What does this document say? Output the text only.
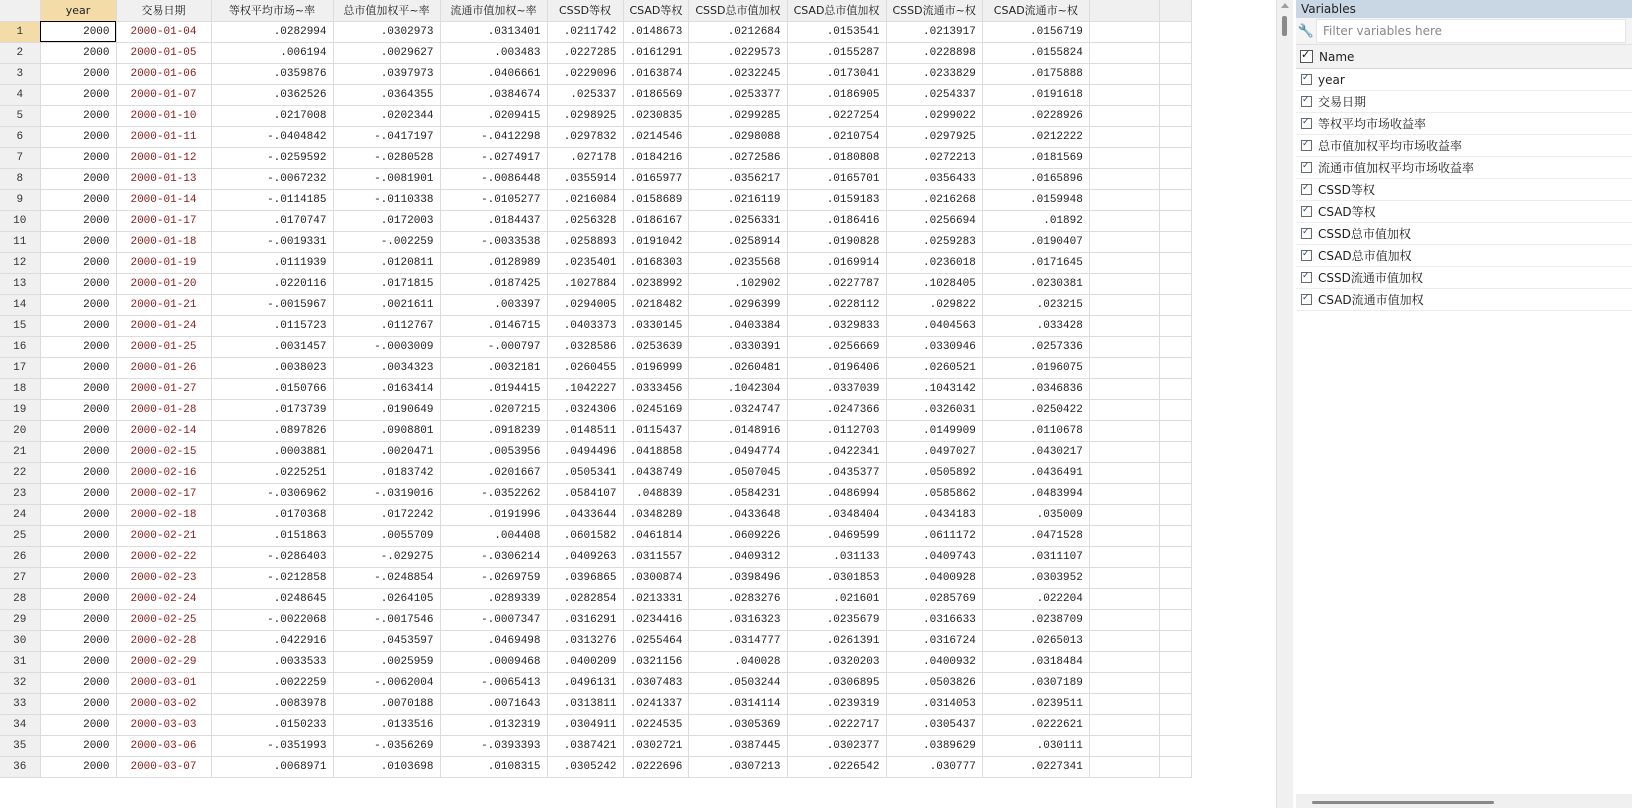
	year	交易日期	等权平均市场~率	总市值加权平~率	流通市值加权~率	CSSD等权	CSAD等权	CSSD总市值加权	CSAD总市值加权	CSSD流通市~权	CSAD流通市~权		
1	2000	2000-01-04	.0282994	.0302973	.0313401	.0211742	.0148673	.0212684	.0153541	.0213917	.0156719		
2	2000	2000-01-05	.006194	.0029627	.003483	.0227285	.0161291	.0229573	.0155287	.0228898	.0155824		
3	2000	2000-01-06	.0359876	.0397973	.0406661	.0229096	.0163874	.0232245	.0173041	.0233829	.0175888		
4	2000	2000-01-07	.0362526	.0364355	.0384674	.025337	.0186569	.0253377	.0186905	.0254337	.0191618		
5	2000	2000-01-10	.0217008	.0202344	.0209415	.0298925	.0230835	.0299285	.0227254	.0299022	.0228926		
6	2000	2000-01-11	-.0404842	-.0417197	-.0412298	.0297832	.0214546	.0298088	.0210754	.0297925	.0212222		
7	2000	2000-01-12	-.0259592	-.0280528	-.0274917	.027178	.0184216	.0272586	.0180808	.0272213	.0181569		
8	2000	2000-01-13	-.0067232	-.0081901	-.0086448	.0355914	.0165977	.0356217	.0165701	.0356433	.0165896		
9	2000	2000-01-14	-.0114185	-.0110338	-.0105277	.0216084	.0158689	.0216119	.0159183	.0216268	.0159948		
10	2000	2000-01-17	.0170747	.0172003	.0184437	.0256328	.0186167	.0256331	.0186416	.0256694	.01892		
11	2000	2000-01-18	-.0019331	-.002259	-.0033538	.0258893	.0191042	.0258914	.0190828	.0259283	.0190407		
12	2000	2000-01-19	.0111939	.0120811	.0128989	.0235401	.0168303	.0235568	.0169914	.0236018	.0171645		
13	2000	2000-01-20	.0220116	.0171815	.0187425	.1027884	.0238992	.102902	.0227787	.1028405	.0230381		
14	2000	2000-01-21	-.0015967	.0021611	.003397	.0294005	.0218482	.0296399	.0228112	.029822	.023215		
15	2000	2000-01-24	.0115723	.0112767	.0146715	.0403373	.0330145	.0403384	.0329833	.0404563	.033428		
16	2000	2000-01-25	.0031457	-.0003009	-.000797	.0328586	.0253639	.0330391	.0256669	.0330946	.0257336		
17	2000	2000-01-26	.0038023	.0034323	.0032181	.0260455	.0196999	.0260481	.0196406	.0260521	.0196075		
18	2000	2000-01-27	.0150766	.0163414	.0194415	.1042227	.0333456	.1042304	.0337039	.1043142	.0346836		
19	2000	2000-01-28	.0173739	.0190649	.0207215	.0324306	.0245169	.0324747	.0247366	.0326031	.0250422		
20	2000	2000-02-14	.0897826	.0908801	.0918239	.0148511	.0115437	.0148916	.0112703	.0149909	.0110678		
21	2000	2000-02-15	.0003881	.0020471	.0053956	.0494496	.0418858	.0494774	.0422341	.0497027	.0430217		
22	2000	2000-02-16	.0225251	.0183742	.0201667	.0505341	.0438749	.0507045	.0435377	.0505892	.0436491		
23	2000	2000-02-17	-.0306962	-.0319016	-.0352262	.0584107	.048839	.0584231	.0486994	.0585862	.0483994		
24	2000	2000-02-18	.0170368	.0172242	.0191996	.0433644	.0348289	.0433648	.0348404	.0434183	.035009		
25	2000	2000-02-21	.0151863	.0055709	.004408	.0601582	.0461814	.0609226	.0469599	.0611172	.0471528		
26	2000	2000-02-22	-.0286403	-.029275	-.0306214	.0409263	.0311557	.0409312	.031133	.0409743	.0311107		
27	2000	2000-02-23	-.0212858	-.0248854	-.0269759	.0396865	.0300874	.0398496	.0301853	.0400928	.0303952		
28	2000	2000-02-24	.0248645	.0264105	.0289339	.0282854	.0213331	.0283276	.021601	.0285769	.022204		
29	2000	2000-02-25	-.0022068	-.0017546	-.0007347	.0316291	.0234416	.0316323	.0235679	.0316633	.0238709		
30	2000	2000-02-28	.0422916	.0453597	.0469498	.0313276	.0255464	.0314777	.0261391	.0316724	.0265013		
31	2000	2000-02-29	.0033533	.0025959	.0009468	.0400209	.0321156	.040028	.0320203	.0400932	.0318484		
32	2000	2000-03-01	.0022259	-.0062004	-.0065413	.0496131	.0307483	.0503244	.0306895	.0503826	.0307189		
33	2000	2000-03-02	.0083978	.0070188	.0071643	.0313811	.0241337	.0314114	.0239319	.0314053	.0239511		
34	2000	2000-03-03	.0150233	.0133516	.0132319	.0304911	.0224535	.0305369	.0222717	.0305437	.0222621		
35	2000	2000-03-06	-.0351993	-.0356269	-.0393393	.0387421	.0302721	.0387445	.0302377	.0389629	.030111		
36	2000	2000-03-07	.0068971	.0103698	.0108315	.0305242	.0222696	.0307213	.0226542	.030777	.0227341		
Variables
🔧
Filter variables here
✓
Name
✓
year
✓
交易日期
✓
等权平均市场收益率
✓
总市值加权平均市场收益率
✓
流通市值加权平均市场收益率
✓
CSSD等权
✓
CSAD等权
✓
CSSD总市值加权
✓
CSAD总市值加权
✓
CSSD流通市值加权
✓
CSAD流通市值加权
